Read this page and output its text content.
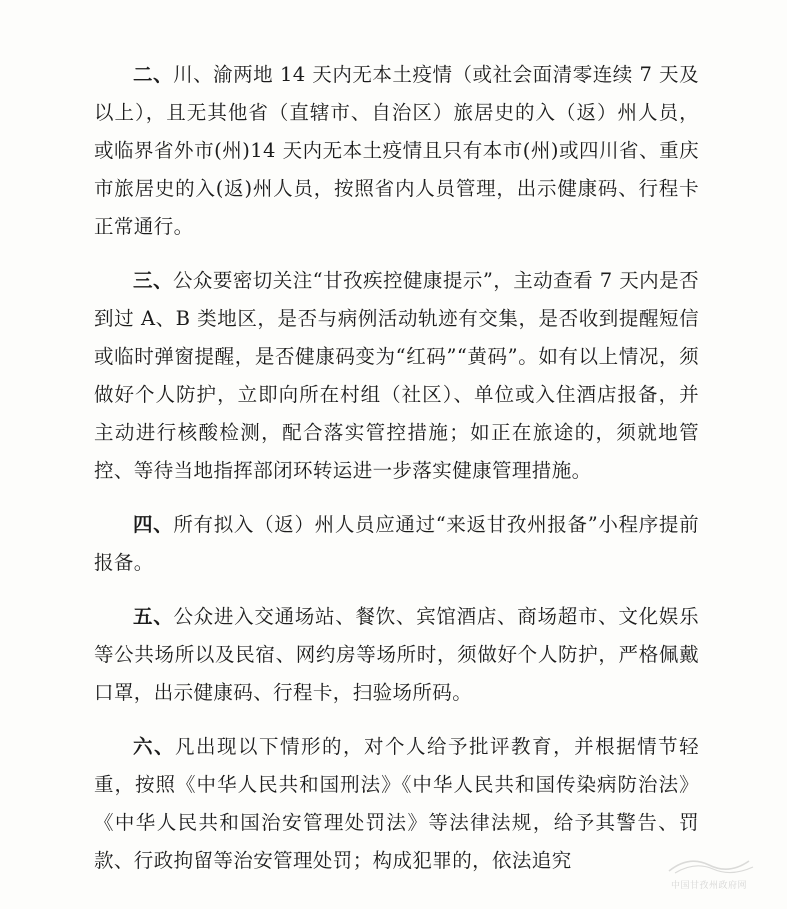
二、川、渝两地 14 天内无本土疫情（或社会面清零连续 7 天及以上），且无其他省（直辖市、自治区）旅居史的入（返）州人员，或临界省外市(州)14 天内无本土疫情且只有本市(州)或四川省、重庆市旅居史的入(返)州人员，按照省内人员管理，出示健康码、行程卡正常通行。

三、公众要密切关注“甘孜疾控健康提示”，主动查看 7 天内是否到过 A、B 类地区，是否与病例活动轨迹有交集，是否收到提醒短信或临时弹窗提醒，是否健康码变为“红码”“黄码”。如有以上情况，须做好个人防护，立即向所在村组（社区）、单位或入住酒店报备，并主动进行核酸检测，配合落实管控措施；如正在旅途的，须就地管控、等待当地指挥部闭环转运进一步落实健康管理措施。

四、所有拟入（返）州人员应通过“来返甘孜州报备”小程序提前报备。

五、公众进入交通场站、餐饮、宾馆酒店、商场超市、文化娱乐等公共场所以及民宿、网约房等场所时，须做好个人防护，严格佩戴口罩，出示健康码、行程卡，扫验场所码。

六、凡出现以下情形的，对个人给予批评教育，并根据情节轻重，按照《中华人民共和国刑法》《中华人民共和国传染病防治法》《中华人民共和国治安管理处罚法》等法律法规，给予其警告、罚款、行政拘留等治安管理处罚；构成犯罪的，依法追究

中国甘孜州政府网
